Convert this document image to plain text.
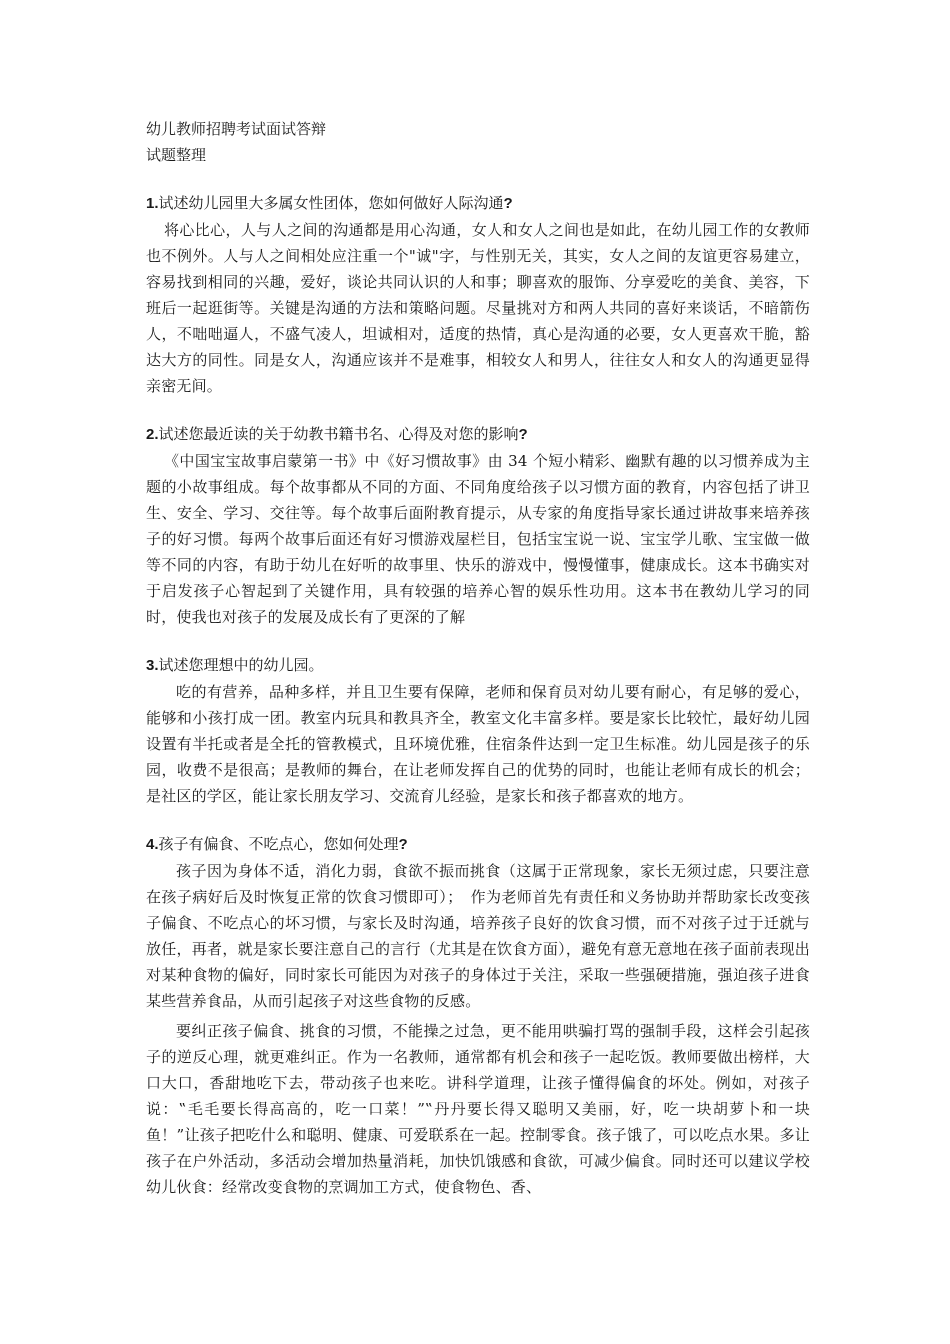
幼儿教师招聘考试面试答辩

试题整理

1.试述幼儿园里大多属女性团体，您如何做好人际沟通?

将心比心，人与人之间的沟通都是用心沟通，女人和女人之间也是如此，在幼儿园工作的女教师也不例外。人与人之间相处应注重一个"诚"字，与性别无关，其实，女人之间的友谊更容易建立，容易找到相同的兴趣，爱好，谈论共同认识的人和事；聊喜欢的服饰、分享爱吃的美食、美容，下班后一起逛街等。关键是沟通的方法和策略问题。尽量挑对方和两人共同的喜好来谈话，不暗箭伤人，不咄咄逼人，不盛气凌人，坦诚相对，适度的热情，真心是沟通的必要，女人更喜欢干脆，豁达大方的同性。同是女人，沟通应该并不是难事，相较女人和男人，往往女人和女人的沟通更显得亲密无间。

2.试述您最近读的关于幼教书籍书名、心得及对您的影响?

《中国宝宝故事启蒙第一书》中《好习惯故事》由 34 个短小精彩、幽默有趣的以习惯养成为主题的小故事组成。每个故事都从不同的方面、不同角度给孩子以习惯方面的教育，内容包括了讲卫生、安全、学习、交往等。每个故事后面附教育提示，从专家的角度指导家长通过讲故事来培养孩子的好习惯。每两个故事后面还有好习惯游戏屋栏目，包括宝宝说一说、宝宝学儿歌、宝宝做一做等不同的内容，有助于幼儿在好听的故事里、快乐的游戏中，慢慢懂事，健康成长。这本书确实对于启发孩子心智起到了关键作用，具有较强的培养心智的娱乐性功用。这本书在教幼儿学习的同时，使我也对孩子的发展及成长有了更深的了解

3.试述您理想中的幼儿园。

吃的有营养，品种多样，并且卫生要有保障，老师和保育员对幼儿要有耐心，有足够的爱心，能够和小孩打成一团。教室内玩具和教具齐全，教室文化丰富多样。要是家长比较忙，最好幼儿园设置有半托或者是全托的管教模式，且环境优雅，住宿条件达到一定卫生标准。幼儿园是孩子的乐园，收费不是很高；是教师的舞台，在让老师发挥自己的优势的同时，也能让老师有成长的机会；是社区的学区，能让家长朋友学习、交流育儿经验，是家长和孩子都喜欢的地方。

4.孩子有偏食、不吃点心，您如何处理?

孩子因为身体不适，消化力弱，食欲不振而挑食（这属于正常现象，家长无须过虑，只要注意在孩子病好后及时恢复正常的饮食习惯即可）；　作为老师首先有责任和义务协助并帮助家长改变孩子偏食、不吃点心的坏习惯，与家长及时沟通，培养孩子良好的饮食习惯，而不对孩子过于迁就与放任，再者，就是家长要注意自己的言行（尤其是在饮食方面），避免有意无意地在孩子面前表现出对某种食物的偏好，同时家长可能因为对孩子的身体过于关注，采取一些强硬措施，强迫孩子进食某些营养食品，从而引起孩子对这些食物的反感。

要纠正孩子偏食、挑食的习惯，不能操之过急，更不能用哄骗打骂的强制手段，这样会引起孩子的逆反心理，就更难纠正。作为一名教师，通常都有机会和孩子一起吃饭。教师要做出榜样，大口大口，香甜地吃下去，带动孩子也来吃。讲科学道理，让孩子懂得偏食的坏处。例如，对孩子说：‟毛毛要长得高高的，吃一口菜！”‟丹丹要长得又聪明又美丽，好，吃一块胡萝卜和一块鱼！”让孩子把吃什么和聪明、健康、可爱联系在一起。控制零食。孩子饿了，可以吃点水果。多让孩子在户外活动，多活动会增加热量消耗，加快饥饿感和食欲，可减少偏食。同时还可以建议学校幼儿伙食：经常改变食物的烹调加工方式，使食物色、香、
